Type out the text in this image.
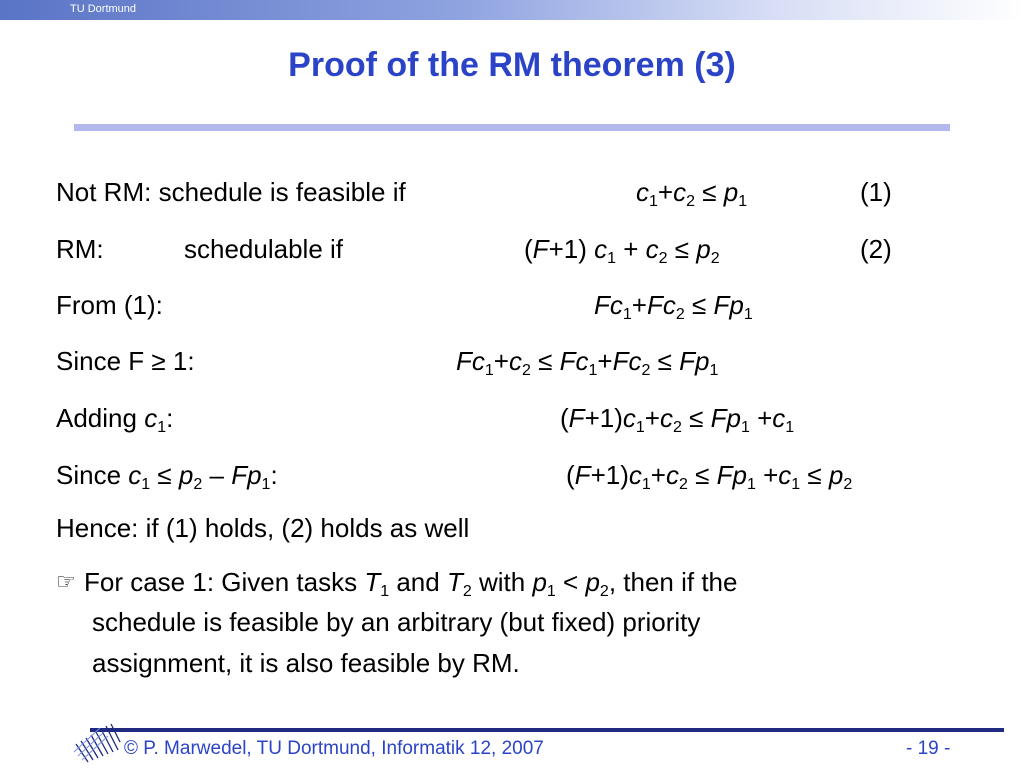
TU Dortmund
Proof of the RM theorem (3)
Not RM: schedule is feasible if	$c_1+c_2 \le p_1$	(1)
RM:	schedulable if	(F+1) $c_1 + c_2 \le p_2$	(2)
From (1):	$Fc_1+Fc_2 \le Fp_1$
Since F ≥ 1:	$Fc_1+c_2 \le Fc_1+Fc_2 \le Fp_1$
Adding $c_1$:	$(F+1)c_1+c_2 \le Fp_1 +c_1$
Since $c_1 \le p_2 - Fp_1$:	$(F+1)c_1+c_2 \le Fp_1 +c_1 \le p_2$
Hence: if (1) holds, (2) holds as well
☞ For case 1: Given tasks $T_1$ and $T_2$ with $p_1 < p_2$, then if the
schedule is feasible by an arbitrary (but fixed) priority
assignment, it is also feasible by RM.
© P. Marwedel, TU Dortmund, Informatik 12, 2007	- 19 -
